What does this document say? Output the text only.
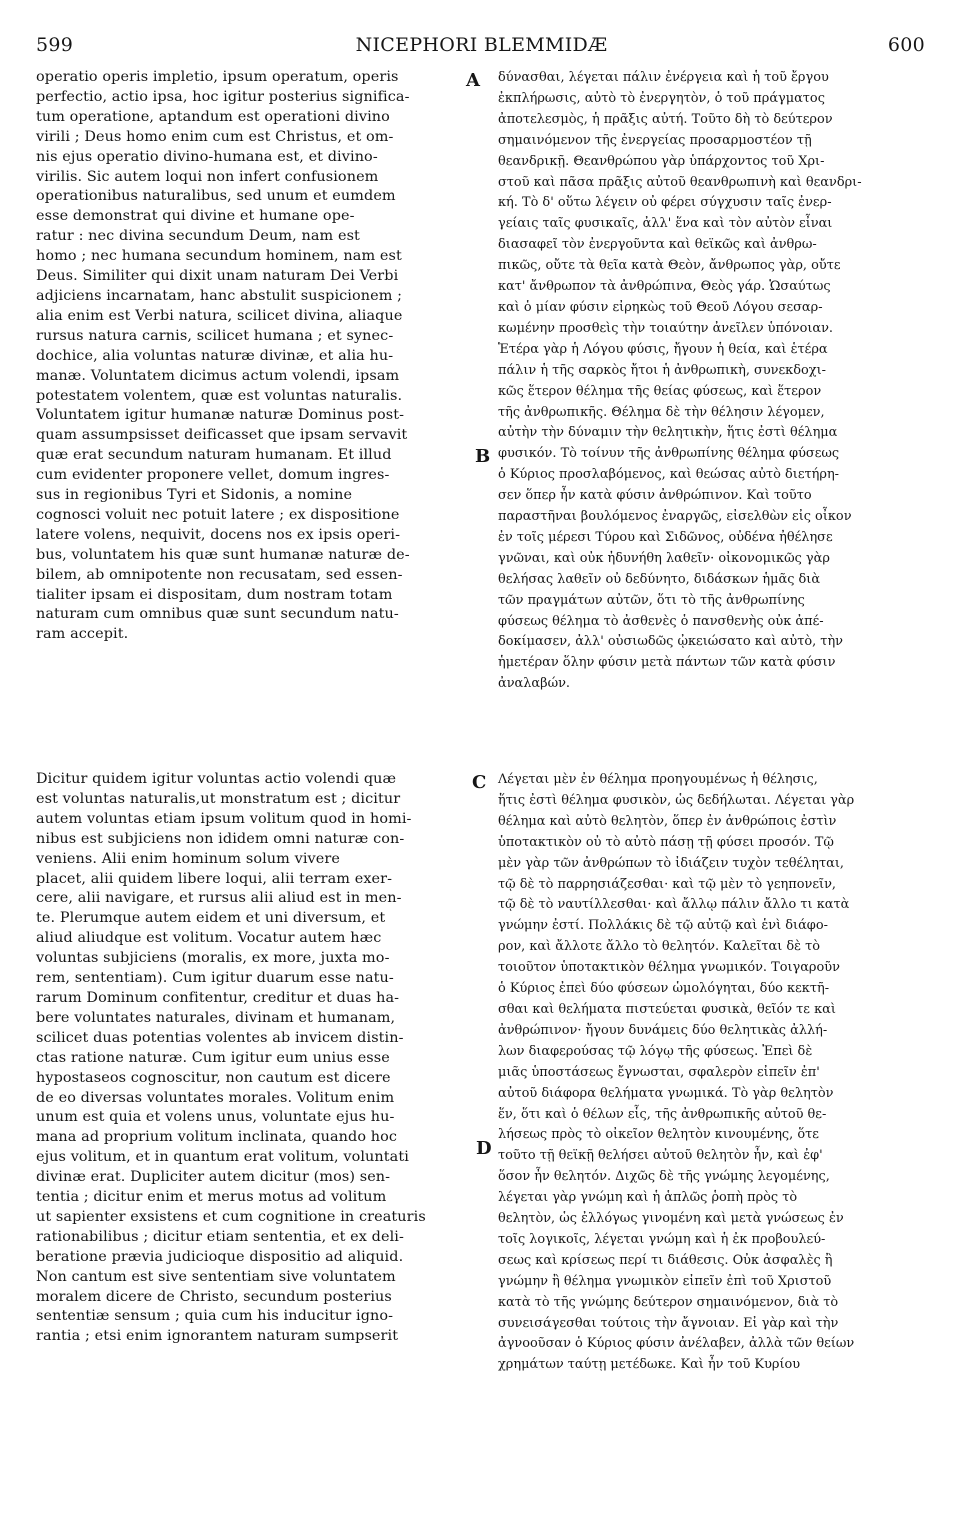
599	NICEPHORI BLEMMIDÆ	600
operatio operis impletio, ipsum operatum, operis
perfectio, actio ipsa, hoc igitur posterius significa-
tum operatione, aptandum est operationi divino
virili ; Deus homo enim cum est Christus, et om-
nis ejus operatio divino-humana est, et divino-
virilis. Sic autem loqui non infert confusionem
operationibus naturalibus, sed unum et eumdem
esse demonstrat qui divine et humane ope-
ratur : nec divina secundum Deum, nam est
homo ; nec humana secundum hominem, nam est
Deus. Similiter qui dixit unam naturam Dei Verbi
adjiciens incarnatam, hanc abstulit suspicionem ;
alia enim est Verbi natura, scilicet divina, aliaque
rursus natura carnis, scilicet humana ; et synec-
dochice, alia voluntas naturæ divinæ, et alia hu-
manæ. Voluntatem dicimus actum volendi, ipsam
potestatem volentem, quæ est voluntas naturalis.
Voluntatem igitur humanæ naturæ Dominus post-
quam assumpsisset deificasset que ipsam servavit
quæ erat secundum naturam humanam. Et illud
cum evidenter proponere vellet, domum ingres-
sus in regionibus Tyri et Sidonis, a nomine
cognosci voluit nec potuit latere ; ex dispositione
latere volens, nequivit, docens nos ex ipsis operi-
bus, voluntatem his quæ sunt humanæ naturæ de-
bilem, ab omnipotente non recusatam, sed essen-
tialiter ipsam ei dispositam, dum nostram totam
naturam cum omnibus quæ sunt secundum natu-
ram accepit.
Dicitur quidem igitur voluntas actio volendi quæ
est voluntas naturalis,ut monstratum est ; dicitur
autem voluntas etiam ipsum volitum quod in homi-
nibus est subjiciens non ididem omni naturæ con-
veniens. Alii enim hominum solum vivere
placet, alii quidem libere loqui, alii terram exer-
cere, alii navigare, et rursus alii aliud est in men-
te. Plerumque autem eidem et uni diversum, et
aliud aliudque est volitum. Vocatur autem hæc
voluntas subjiciens (moralis, ex more, juxta mo-
rem, sententiam). Cum igitur duarum esse natu-
rarum Dominum confitentur, creditur et duas ha-
bere voluntates naturales, divinam et humanam,
scilicet duas potentias volentes ab invicem distin-
ctas ratione naturæ. Cum igitur eum unius esse
hypostaseos cognoscitur, non cautum est dicere
de eo diversas voluntates morales. Volitum enim
unum est quia et volens unus, voluntate ejus hu-
mana ad proprium volitum inclinata, quando hoc
ejus volitum, et in quantum erat volitum, voluntati
divinæ erat. Dupliciter autem dicitur (mos) sen-
tentia ; dicitur enim et merus motus ad volitum
ut sapienter exsistens et cum cognitione in creaturis
rationabilibus ; dicitur etiam sententia, et ex deli-
beratione prævia judicioque dispositio ad aliquid.
Non cantum est sive sententiam sive voluntatem
moralem dicere de Christo, secundum posterius
sententiæ sensum ; quia cum his inducitur igno-
rantia ; etsi enim ignorantem naturam sumpserit
δύνασθαι, λέγεται πάλιν ἐνέργεια καὶ ἡ τοῦ ἔργου
ἐκπλήρωσις, αὐτὸ τὸ ἐνεργητὸν, ὁ τοῦ πράγματος
ἀποτελεσμὸς, ἡ πρᾶξις αὐτή. Τοῦτο δὴ τὸ δεύτερον
σημαινόμενον τῆς ἐνεργείας προσαρμοστέον τῇ
θεανδρικῇ. Θεανθρώπου γὰρ ὑπάρχοντος τοῦ Χρι-
στοῦ καὶ πᾶσα πρᾶξις αὐτοῦ θεανθρωπινὴ καὶ θεανδρι-
κή. Τὸ δ' οὕτω λέγειν οὐ φέρει σύγχυσιν ταῖς ἐνερ-
γείαις ταῖς φυσικαῖς, ἀλλ' ἕνα καὶ τὸν αὐτὸν εἶναι
διασαφεῖ τὸν ἐνεργοῦντα καὶ θεϊκῶς καὶ ἀνθρω-
πικῶς, οὔτε τὰ θεῖα κατὰ Θεὸν, ἄνθρωπος γὰρ, οὔτε
κατ' ἄνθρωπον τὰ ἀνθρώπινα, Θεὸς γάρ. Ὡσαύτως
καὶ ὁ μίαν φύσιν εἰρηκὼς τοῦ Θεοῦ Λόγου σεσαρ-
κωμένην προσθεὶς τὴν τοιαύτην ἀνεῖλεν ὑπόνοιαν.
Ἑτέρα γὰρ ἡ Λόγου φύσις, ἤγουν ἡ θεία, καὶ ἑτέρα
πάλιν ἡ τῆς σαρκὸς ἤτοι ἡ ἀνθρωπικὴ, συνεκδοχι-
κῶς ἕτερον θέλημα τῆς θείας φύσεως, καὶ ἕτερον
τῆς ἀνθρωπικῆς. Θέλημα δὲ τὴν θέλησιν λέγομεν,
αὐτὴν τὴν δύναμιν τὴν θελητικὴν, ἥτις ἐστὶ θέλημα
φυσικόν. Τὸ τοίνυν τῆς ἀνθρωπίνης θέλημα φύσεως
ὁ Κύριος προσλαβόμενος, καὶ θεώσας αὐτὸ διετήρη-
σεν ὅπερ ἦν κατὰ φύσιν ἀνθρώπινον. Καὶ τοῦτο
παραστῆναι βουλόμενος ἐναργῶς, εἰσελθὼν εἰς οἶκον
ἐν τοῖς μέρεσι Τύρου καὶ Σιδῶνος, οὐδένα ἠθέλησε
γνῶναι, καὶ οὐκ ἠδυνήθη λαθεῖν· οἰκονομικῶς γὰρ
θελήσας λαθεῖν οὐ δεδύνητο, διδάσκων ἡμᾶς διὰ
τῶν πραγμάτων αὐτῶν, ὅτι τὸ τῆς ἀνθρωπίνης
φύσεως θέλημα τὸ ἀσθενὲς ὁ πανσθενὴς οὐκ ἀπέ-
δοκίμασεν, ἀλλ' οὐσιωδῶς ᾠκειώσατο καὶ αὐτὸ, τὴν
ἡμετέραν ὅλην φύσιν μετὰ πάντων τῶν κατὰ φύσιν
ἀναλαβών.
Λέγεται μὲν ἐν θέλημα προηγουμένως ἡ θέλησις,
ἥτις ἐστὶ θέλημα φυσικὸν, ὡς δεδήλωται. Λέγεται γὰρ
θέλημα καὶ αὐτὸ θελητὸν, ὅπερ ἐν ἀνθρώποις ἐστὶν
ὑποτακτικὸν οὐ τὸ αὐτὸ πάσῃ τῇ φύσει προσόν. Τῷ
μὲν γὰρ τῶν ἀνθρώπων τὸ ἰδιάζειν τυχὸν τεθέληται,
τῷ δὲ τὸ παρρησιάζεσθαι· καὶ τῷ μὲν τὸ γεηπονεῖν,
τῷ δὲ τὸ ναυτίλλεσθαι· καὶ ἄλλῳ πάλιν ἄλλο τι κατὰ
γνώμην ἐστί. Πολλάκις δὲ τῷ αὐτῷ καὶ ἑνὶ διάφο-
ρον, καὶ ἄλλοτε ἄλλο τὸ θελητόν. Καλεῖται δὲ τὸ
τοιοῦτον ὑποτακτικὸν θέλημα γνωμικόν. Τοιγαροῦν
ὁ Κύριος ἐπεὶ δύο φύσεων ὡμολόγηται, δύο κεκτῆ-
σθαι καὶ θελήματα πιστεύεται φυσικὰ, θεῖόν τε καὶ
ἀνθρώπινον· ἤγουν δυνάμεις δύο θελητικὰς ἀλλή-
λων διαφερούσας τῷ λόγῳ τῆς φύσεως. Ἐπεὶ δὲ
μιᾶς ὑποστάσεως ἔγνωσται, σφαλερὸν εἰπεῖν ἐπ'
αὐτοῦ διάφορα θελήματα γνωμικά. Τὸ γὰρ θελητὸν
ἕν, ὅτι καὶ ὁ θέλων εἷς, τῆς ἀνθρωπικῆς αὐτοῦ θε-
λήσεως πρὸς τὸ οἰκεῖον θελητὸν κινουμένης, ὅτε
τοῦτο τῇ θεϊκῇ θελήσει αὐτοῦ θελητὸν ἦν, καὶ ἐφ'
ὅσον ἦν θελητόν. Διχῶς δὲ τῆς γνώμης λεγομένης,
λέγεται γὰρ γνώμη καὶ ἡ ἁπλῶς ῥοπὴ πρὸς τὸ
θελητὸν, ὡς ἐλλόγως γινομένη καὶ μετὰ γνώσεως ἐν
τοῖς λογικοῖς, λέγεται γνώμη καὶ ἡ ἐκ προβουλεύ-
σεως καὶ κρίσεως περί τι διάθεσις. Οὐκ ἀσφαλὲς ἢ
γνώμην ἢ θέλημα γνωμικὸν εἰπεῖν ἐπὶ τοῦ Χριστοῦ
κατὰ τὸ τῆς γνώμης δεύτερον σημαινόμενον, διὰ τὸ
συνεισάγεσθαι τούτοις τὴν ἄγνοιαν. Εἰ γὰρ καὶ τὴν
ἀγνοοῦσαν ὁ Κύριος φύσιν ἀνέλαβεν, ἀλλὰ τῶν θείων
χρημάτων ταύτῃ μετέδωκε. Καὶ ἦν τοῦ Κυρίου
A
B
C
D
